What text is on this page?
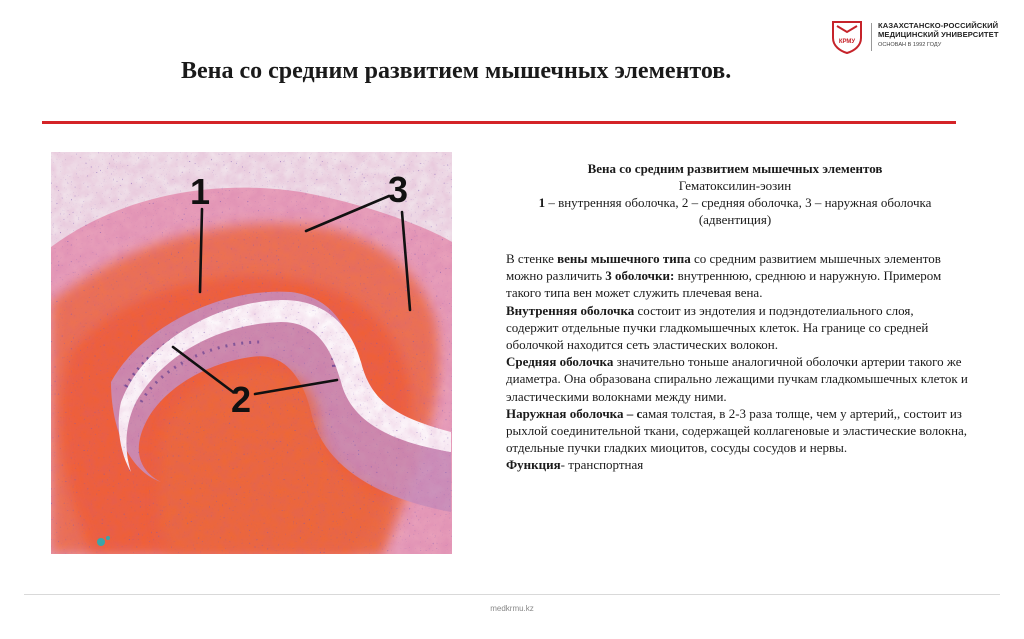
КРМУ
КАЗАХСТАНСКО-РОССИЙСКИЙ
МЕДИЦИНСКИЙ УНИВЕРСИТЕТ
ОСНОВАН В 1992 ГОДУ
Вена со средним развитием мышечных элементов.
1
2
3
Вена со средним развитием мышечных элементов
Гематоксилин-эозин
1 – внутренняя оболочка, 2 – средняя оболочка, 3 – наружная оболочка (адвентиция)

В стенке вены мышечного типа со средним развитием мышечных элементов можно различить 3 оболочки: внутреннюю, среднюю и наружную. Примером такого типа вен может служить плечевая вена.

Внутренняя оболочка состоит из эндотелия и подэндотелиального слоя, содержит отдельные пучки гладкомышечных клеток. На границе со средней оболочкой находится сеть эластических волокон.

Средняя оболочка значительно тоньше аналогичной оболочки артерии такого же диаметра. Она образована спирально лежащими пучкам гладкомышечных клеток и эластическими волокнами между ними.

Наружная оболочка – самая толстая, в 2-3 раза толще, чем у артерий,, состоит из рыхлой соединительной ткани, содержащей коллагеновые и эластические волокна, отдельные пучки гладких миоцитов, сосуды сосудов и нервы.

Функция- транспортная

medkrmu.kz
